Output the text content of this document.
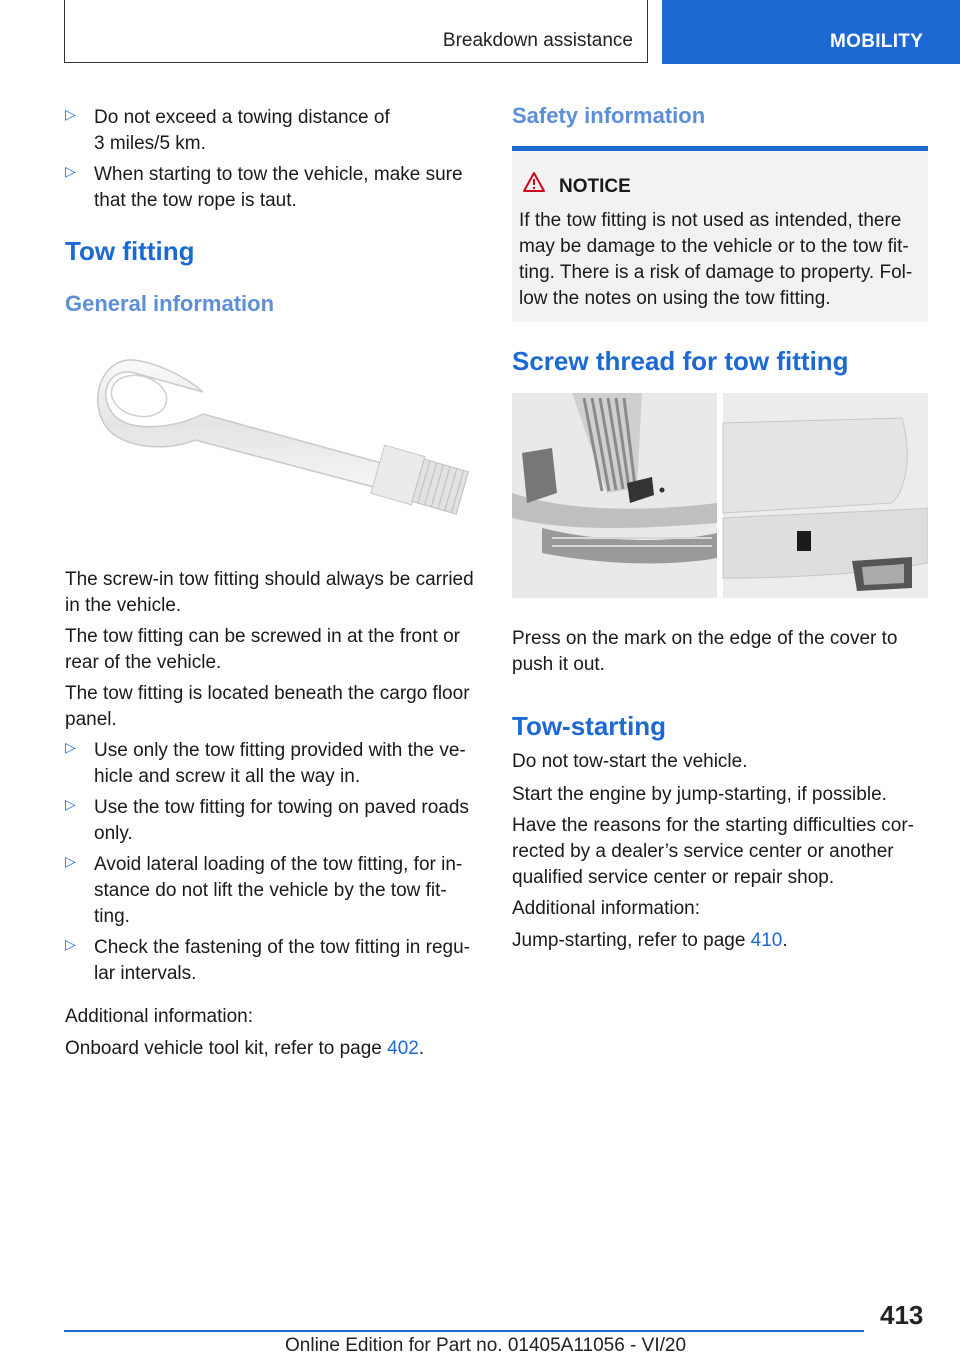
Breakdown assistance	MOBILITY
▷ Do not exceed a towing distance of
3 miles/5 km.
▷ When starting to tow the vehicle, make sure
that the tow rope is taut.
Tow fitting
General information

The screw-in tow fitting should always be carried
in the vehicle.

The tow fitting can be screwed in at the front or
rear of the vehicle.

The tow fitting is located beneath the cargo floor
panel.

▷ Use only the tow fitting provided with the ve-
hicle and screw it all the way in.
▷ Use the tow fitting for towing on paved roads
only.
▷ Avoid lateral loading of the tow fitting, for in-
stance do not lift the vehicle by the tow fit-
ting.
▷ Check the fastening of the tow fitting in regu-
lar intervals.

Additional information:

Onboard vehicle tool kit, refer to page 402.

Safety information
NOTICE

If the tow fitting is not used as intended, there
may be damage to the vehicle or to the tow fit-
ting. There is a risk of damage to property. Fol-
low the notes on using the tow fitting.

Screw thread for tow fitting

Press on the mark on the edge of the cover to
push it out.

Tow-starting

Do not tow-start the vehicle.

Start the engine by jump-starting, if possible.

Have the reasons for the starting difficulties cor-
rected by a dealer’s service center or another
qualified service center or repair shop.

Additional information:

Jump-starting, refer to page 410.

413
Online Edition for Part no. 01405A11056 - VI/20
